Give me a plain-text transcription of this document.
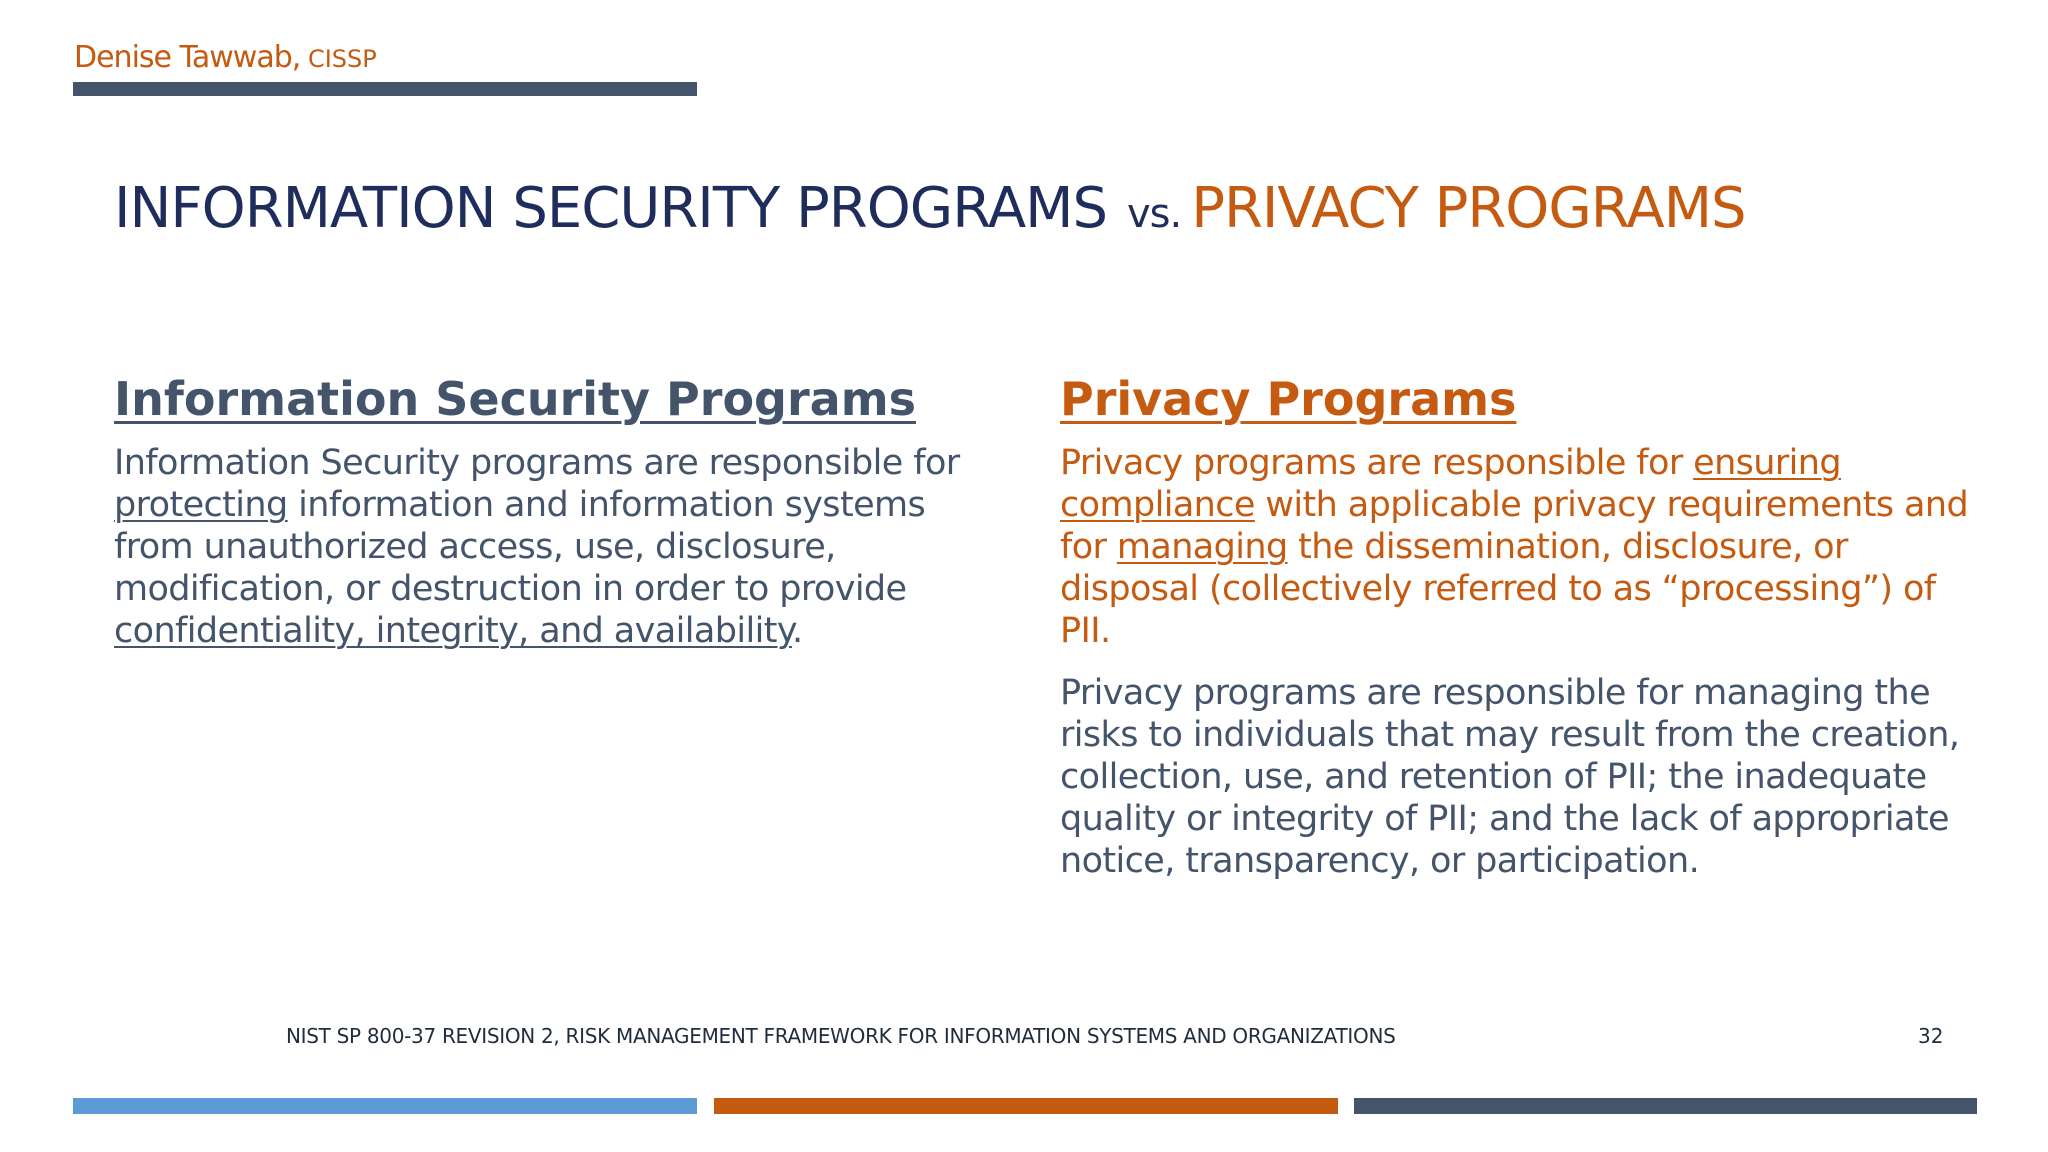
Denise Tawwab, CISSP
INFORMATION SECURITY PROGRAMS vs. PRIVACY PROGRAMS
Information Security Programs

Information Security programs are responsible for protecting information and information systems from unauthorized access, use, disclosure, modification, or destruction in order to provide confidentiality, integrity, and availability.

Privacy Programs

Privacy programs are responsible for ensuring compliance with applicable privacy requirements and for managing the dissemination, disclosure, or disposal (collectively referred to as “processing”) of PII.

Privacy programs are responsible for managing the risks to individuals that may result from the creation, collection, use, and retention of PII; the inadequate quality or integrity of PII; and the lack of appropriate notice, transparency, or participation.

NIST SP 800-37 REVISION 2, RISK MANAGEMENT FRAMEWORK FOR INFORMATION SYSTEMS AND ORGANIZATIONS	32
